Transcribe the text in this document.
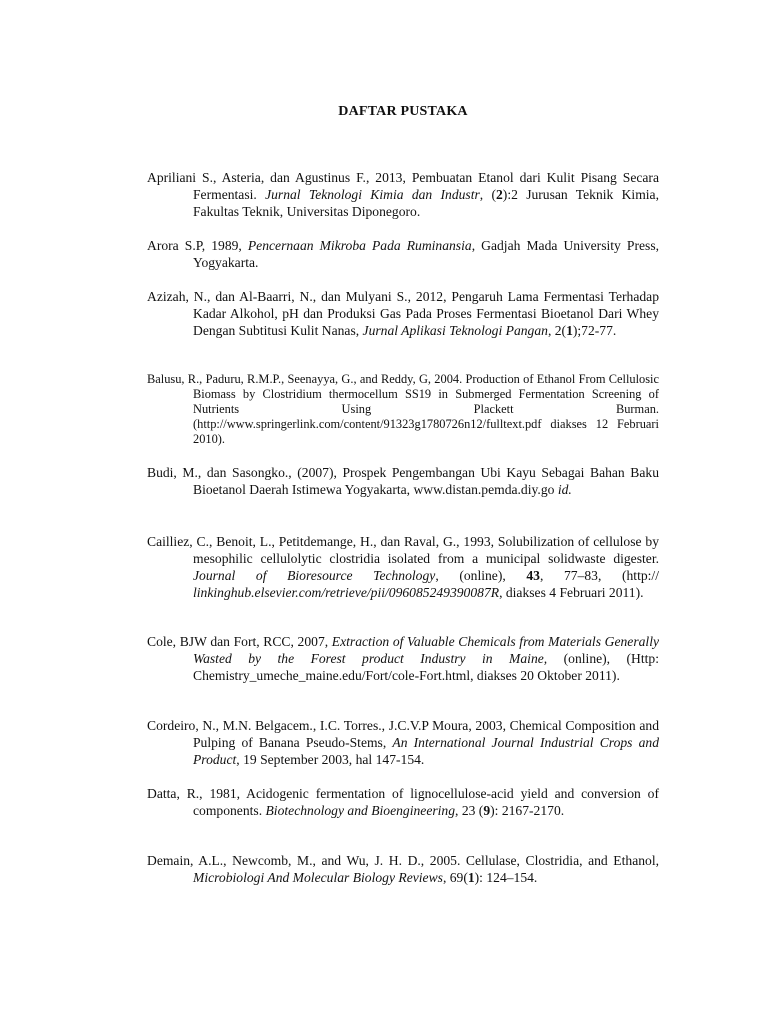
DAFTAR PUSTAKA
Apriliani S., Asteria, dan Agustinus F., 2013, Pembuatan Etanol dari Kulit Pisang Secara Fermentasi. Jurnal Teknologi Kimia dan Industr, (2):2 Jurusan Teknik Kimia, Fakultas Teknik, Universitas Diponegoro.
Arora S.P, 1989, Pencernaan Mikroba Pada Ruminansia, Gadjah Mada University Press, Yogyakarta.
Azizah, N., dan Al-Baarri, N., dan Mulyani S., 2012, Pengaruh Lama Fermentasi Terhadap Kadar Alkohol, pH dan Produksi Gas Pada Proses Fermentasi Bioetanol Dari Whey Dengan Subtitusi Kulit Nanas, Jurnal Aplikasi Teknologi Pangan, 2(1);72-77.
Balusu, R., Paduru, R.M.P., Seenayya, G., and Reddy, G, 2004. Production of Ethanol From Cellulosic Biomass by Clostridium thermocellum SS19 in Submerged Fermentation Screening of Nutrients Using Plackett Burman. (http://www.springerlink.com/content/91323g1780726n12/fulltext.pdf diakses 12 Februari 2010).
Budi, M., dan Sasongko., (2007), Prospek Pengembangan Ubi Kayu Sebagai Bahan Baku Bioetanol Daerah Istimewa Yogyakarta, www.distan.pemda.diy.go id.
Cailliez, C., Benoit, L., Petitdemange, H., dan Raval, G., 1993, Solubilization of cellulose by mesophilic cellulolytic clostridia isolated from a municipal solidwaste digester. Journal of Bioresource Technology, (online), 43, 77–83, (http:// linkinghub.elsevier.com/retrieve/pii/096085249390087R, diakses 4 Februari 2011).
Cole, BJW dan Fort, RCC, 2007, Extraction of Valuable Chemicals from Materials Generally Wasted by the Forest product Industry in Maine, (online), (Http: Chemistry_umeche_maine.edu/Fort/cole-Fort.html, diakses 20 Oktober 2011).
Cordeiro, N., M.N. Belgacem., I.C. Torres., J.C.V.P Moura, 2003, Chemical Composition and Pulping of Banana Pseudo-Stems, An International Journal Industrial Crops and Product, 19 September 2003, hal 147-154.
Datta, R., 1981, Acidogenic fermentation of lignocellulose-acid yield and conversion of components. Biotechnology and Bioengineering, 23 (9): 2167-2170.
Demain, A.L., Newcomb, M., and Wu, J. H. D., 2005. Cellulase, Clostridia, and Ethanol, Microbiologi And Molecular Biology Reviews, 69(1): 124–154.
